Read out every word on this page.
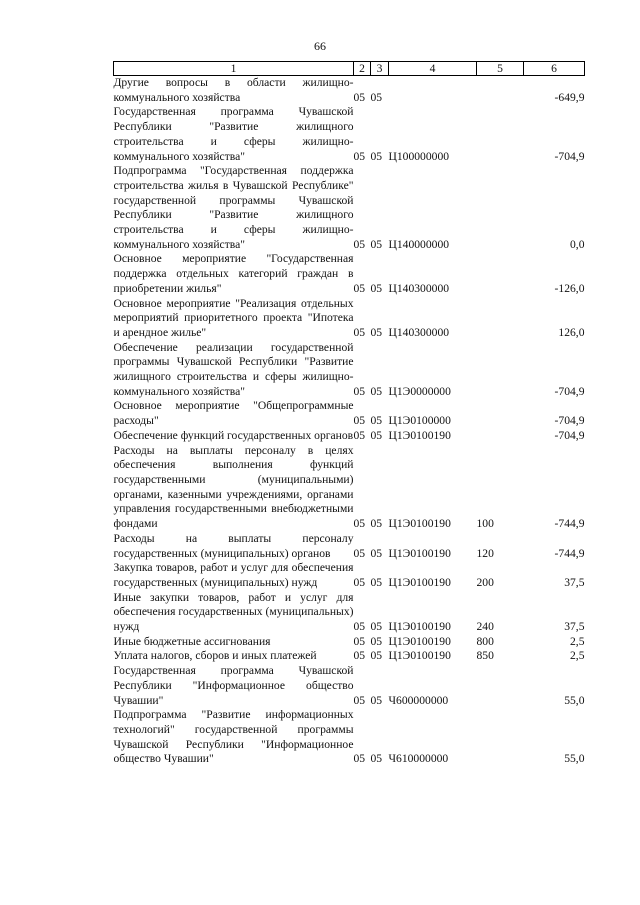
66
1	2	3	4	5	6
Другие вопросы в области жилищно-коммунального хозяйства	05	05			-649,9
Государственная программа Чувашской Республики "Развитие жилищного строительства и сферы жилищно-коммунального хозяйства"	05	05	Ц100000000		-704,9
Подпрограмма "Государственная поддержка строительства жилья в Чувашской Республике" государственной программы Чувашской Республики "Развитие жилищного строительства и сферы жилищно-коммунального хозяйства"	05	05	Ц140000000		0,0
Основное мероприятие "Государственная поддержка отдельных категорий граждан в приобретении жилья"	05	05	Ц140300000		-126,0
Основное мероприятие "Реализация отдельных мероприятий приоритетного проекта "Ипотека и арендное жилье"	05	05	Ц140300000		126,0
Обеспечение реализации государственной программы Чувашской Республики "Развитие жилищного строительства и сферы жилищно-коммунального хозяйства"	05	05	Ц1Э0000000		-704,9
Основное мероприятие "Общепрограммные расходы"	05	05	Ц1Э0100000		-704,9
Обеспечение функций государственных органов	05	05	Ц1Э0100190		-704,9
Расходы на выплаты персоналу в целях обеспечения выполнения функций государственными (муниципальными) органами, казенными учреждениями, органами управления государственными внебюджетными фондами	05	05	Ц1Э0100190	100	-744,9
Расходы на выплаты персоналу государственных (муниципальных) органов	05	05	Ц1Э0100190	120	-744,9
Закупка товаров, работ и услуг для обеспечения государственных (муниципальных) нужд	05	05	Ц1Э0100190	200	37,5
Иные закупки товаров, работ и услуг для обеспечения государственных (муниципальных) нужд	05	05	Ц1Э0100190	240	37,5
Иные бюджетные ассигнования	05	05	Ц1Э0100190	800	2,5
Уплата налогов, сборов и иных платежей	05	05	Ц1Э0100190	850	2,5
Государственная программа Чувашской Республики "Информационное общество Чувашии"	05	05	Ч600000000		55,0
Подпрограмма "Развитие информационных технологий" государственной программы Чувашской Республики "Информационное общество Чувашии"	05	05	Ч610000000		55,0
